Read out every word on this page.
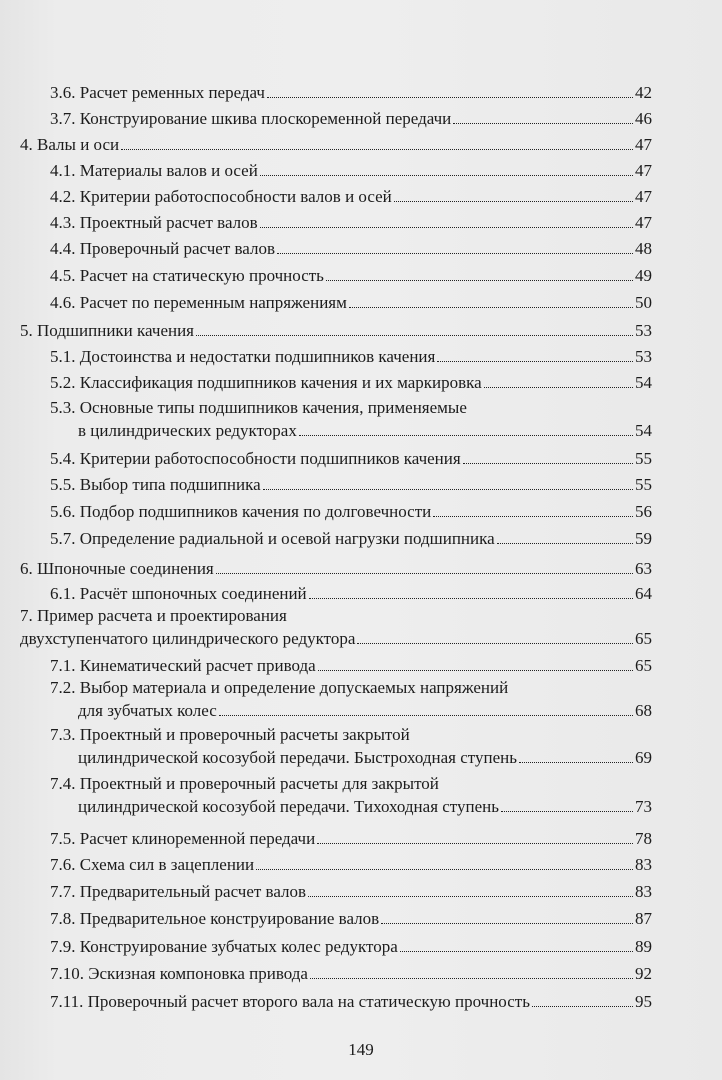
3.6. Расчет ременных передач	42
3.7. Конструирование шкива плоскоременной передачи	46
4. Валы и оси	47
4.1. Материалы валов и осей	47
4.2. Критерии работоспособности валов и осей	47
4.3. Проектный расчет валов	47
4.4. Проверочный расчет валов	48
4.5. Расчет на статическую прочность	49
4.6. Расчет по переменным напряжениям	50
5. Подшипники качения	53
5.1. Достоинства и недостатки подшипников качения	53
5.2. Классификация подшипников качения и их маркировка	54
5.3. Основные типы подшипников качения, применяемые
в цилиндрических редукторах	54
5.4. Критерии работоспособности подшипников качения	55
5.5. Выбор типа подшипника	55
5.6. Подбор подшипников качения по долговечности	56
5.7. Определение радиальной и осевой нагрузки подшипника	59
6. Шпоночные соединения	63
6.1. Расчёт шпоночных соединений	64
7. Пример расчета и проектирования
двухступенчатого цилиндрического редуктора	65
7.1. Кинематический расчет привода	65
7.2. Выбор материала и определение допускаемых напряжений
для зубчатых колес	68
7.3. Проектный и проверочный расчеты закрытой
цилиндрической косозубой передачи. Быстроходная ступень	69
7.4. Проектный и проверочный расчеты для закрытой
цилиндрической косозубой передачи. Тихоходная ступень	73
7.5. Расчет клиноременной передачи	78
7.6. Схема сил в зацеплении	83
7.7. Предварительный расчет валов	83
7.8. Предварительное конструирование валов	87
7.9. Конструирование зубчатых колес редуктора	89
7.10. Эскизная компоновка привода	92
7.11. Проверочный расчет второго вала на статическую прочность	95
149
